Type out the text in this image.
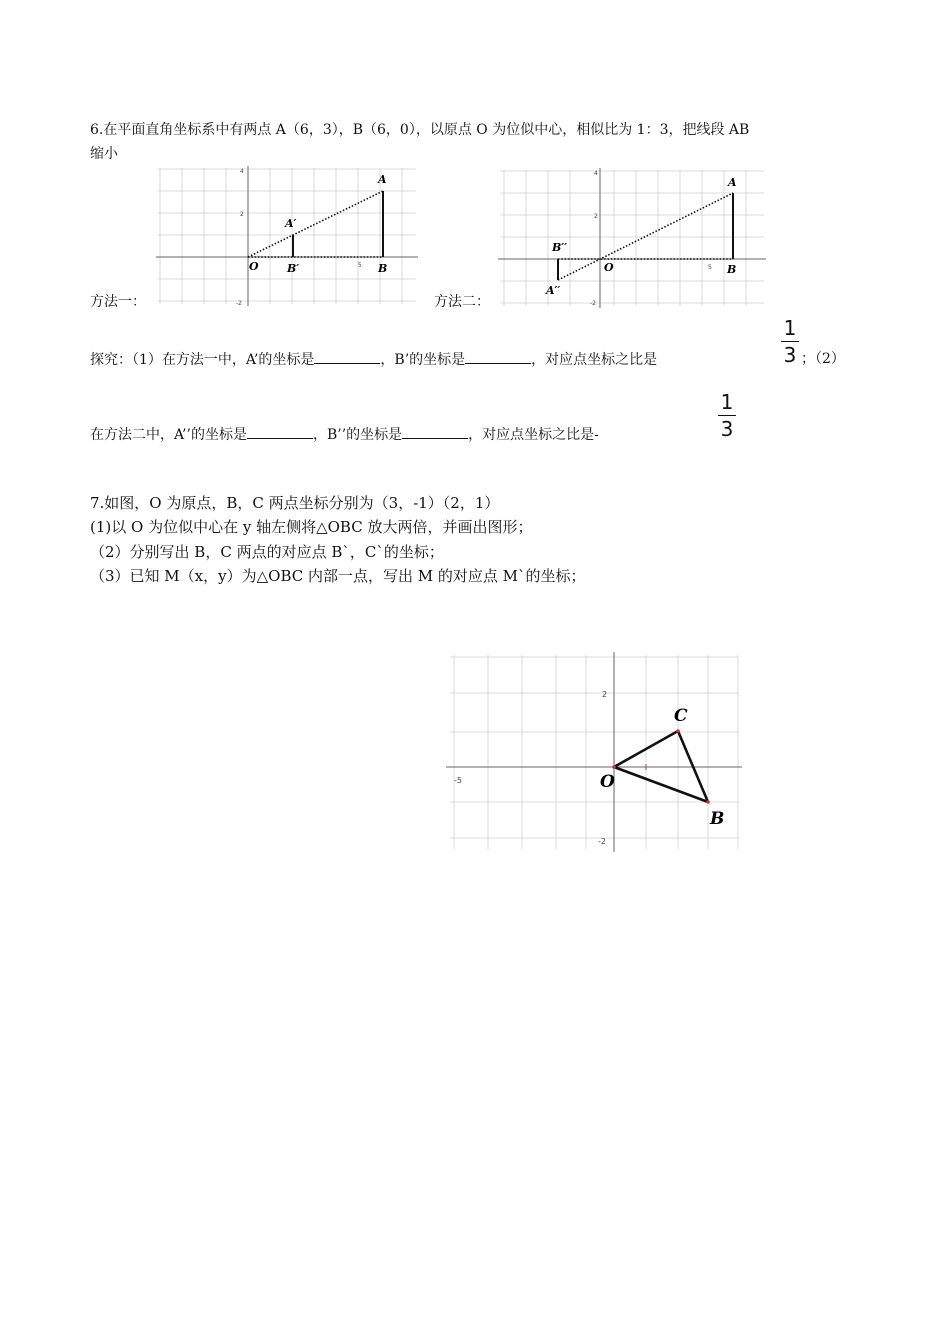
6.在平面直角坐标系中有两点 A（6，3），B（6，0），以原点 O 为位似中心，相似比为 1：3，把线段 AB
缩小
4
2
5
-2
A
A′
O	B′	B
方法一：
4
2
5
-2
A
B′′
O
A′′
B
方法二：
探究：（1）在方法一中，A’的坐标是	，B’的坐标是	，对应点坐标之比是
1
3 ；（2）
在方法二中，A’’的坐标是	，B’’的坐标是	，对应点坐标之比是-
1
3
7.如图，O 为原点，B，C 两点坐标分别为（3，-1）（2，1）
(1)以 O 为位似中心在 y 轴左侧将△OBC 放大两倍，并画出图形；
（2）分别写出 B，C 两点的对应点 B`，C`的坐标；
（3）已知 M（x，y）为△OBC 内部一点，写出 M 的对应点 M`的坐标；
2
-5
-2
C
O
B
